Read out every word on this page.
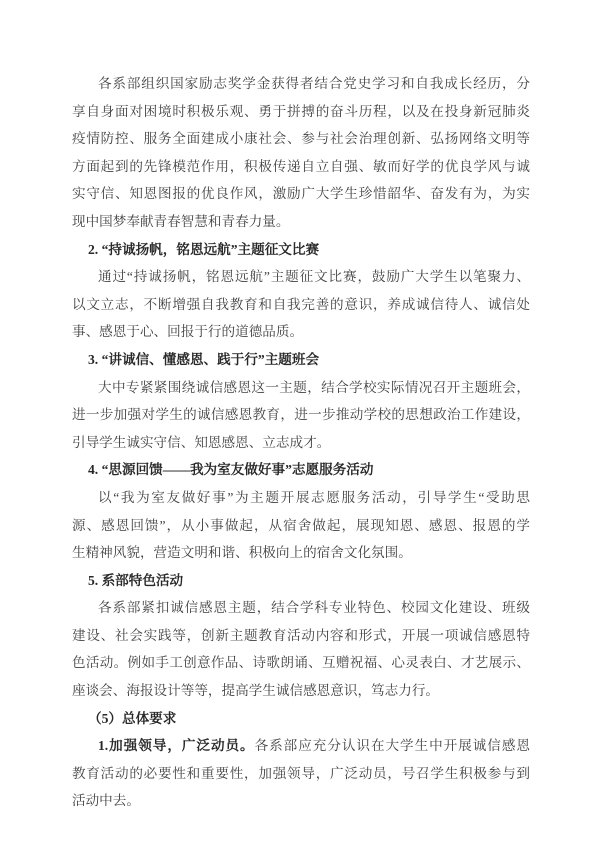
各系部组织国家励志奖学金获得者结合党史学习和自我成长经历，分
享自身面对困境时积极乐观、勇于拼搏的奋斗历程，以及在投身新冠肺炎
疫情防控、服务全面建成小康社会、参与社会治理创新、弘扬网络文明等
方面起到的先锋模范作用，积极传递自立自强、敏而好学的优良学风与诚
实守信、知恩图报的优良作风，激励广大学生珍惜韶华、奋发有为，为实
现中国梦奉献青春智慧和青春力量。
2. “持诚扬帆，铭恩远航”主题征文比赛
通过“持诚扬帆，铭恩远航”主题征文比赛，鼓励广大学生以笔聚力、
以文立志，不断增强自我教育和自我完善的意识，养成诚信待人、诚信处
事、感恩于心、回报于行的道德品质。
3. “讲诚信、懂感恩、践于行”主题班会
大中专紧紧围绕诚信感恩这一主题，结合学校实际情况召开主题班会，
进一步加强对学生的诚信感恩教育，进一步推动学校的思想政治工作建设，
引导学生诚实守信、知恩感恩、立志成才。
4. “思源回馈——我为室友做好事”志愿服务活动
以“我为室友做好事”为主题开展志愿服务活动，引导学生“受助思
源、感恩回馈”，从小事做起，从宿舍做起，展现知恩、感恩、报恩的学
生精神风貌，营造文明和谐、积极向上的宿舍文化氛围。
5. 系部特色活动
各系部紧扣诚信感恩主题，结合学科专业特色、校园文化建设、班级
建设、社会实践等，创新主题教育活动内容和形式，开展一项诚信感恩特
色活动。例如手工创意作品、诗歌朗诵、互赠祝福、心灵表白、才艺展示、
座谈会、海报设计等等，提高学生诚信感恩意识，笃志力行。
（5）总体要求
1.加强领导，广泛动员。各系部应充分认识在大学生中开展诚信感恩
教育活动的必要性和重要性，加强领导，广泛动员，号召学生积极参与到
活动中去。
